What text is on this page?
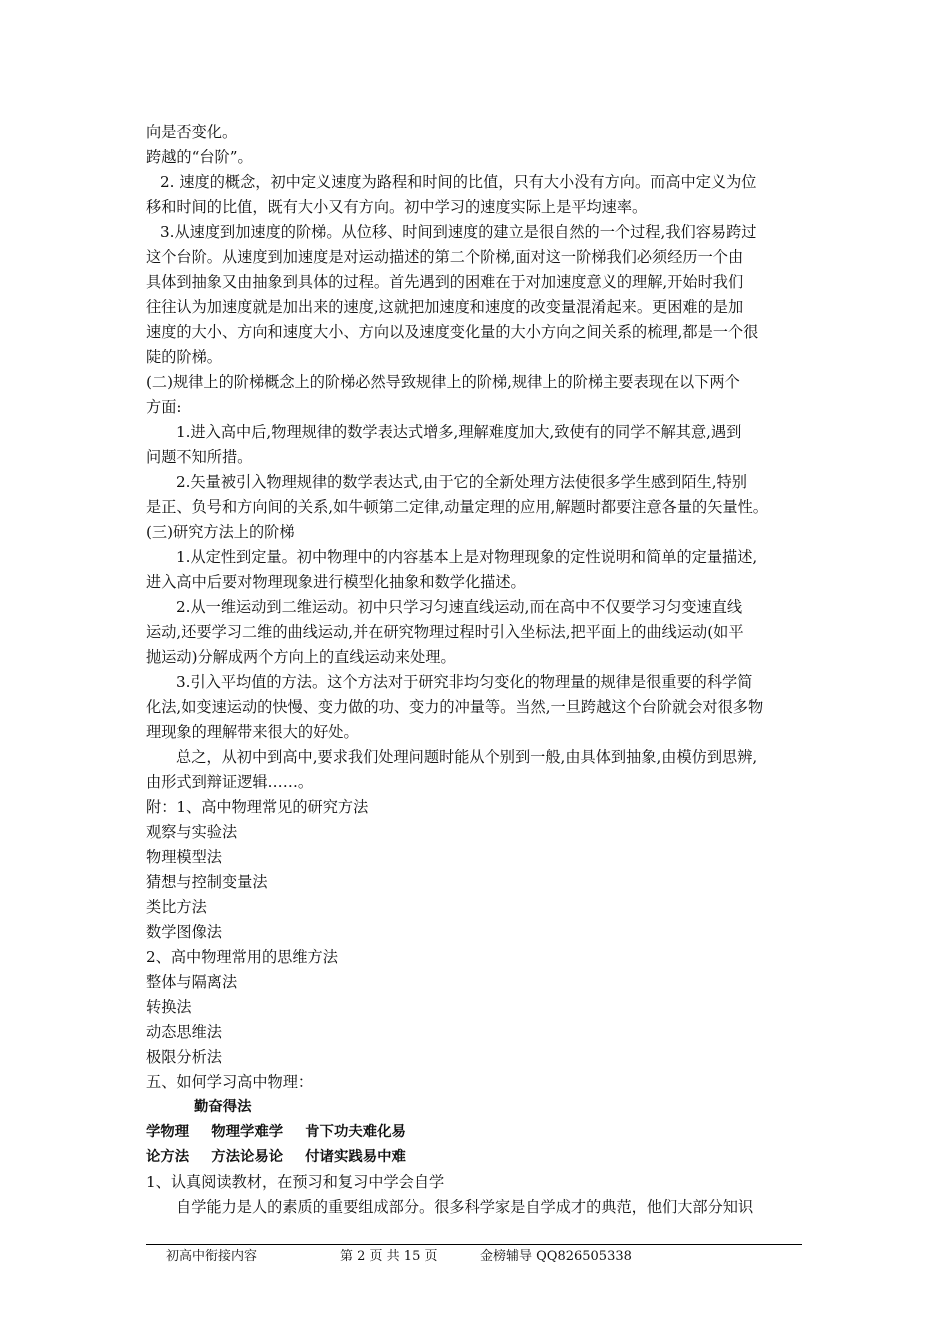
向是否变化。
跨越的“台阶”。
2. 速度的概念，初中定义速度为路程和时间的比值，只有大小没有方向。而高中定义为位
移和时间的比值，既有大小又有方向。初中学习的速度实际上是平均速率。
3.从速度到加速度的阶梯。从位移、时间到速度的建立是很自然的一个过程,我们容易跨过
这个台阶。从速度到加速度是对运动描述的第二个阶梯,面对这一阶梯我们必须经历一个由
具体到抽象又由抽象到具体的过程。首先遇到的困难在于对加速度意义的理解,开始时我们
往往认为加速度就是加出来的速度,这就把加速度和速度的改变量混淆起来。更困难的是加
速度的大小、方向和速度大小、方向以及速度变化量的大小方向之间关系的梳理,都是一个很
陡的阶梯。
(二)规律上的阶梯概念上的阶梯必然导致规律上的阶梯,规律上的阶梯主要表现在以下两个
方面:
1.进入高中后,物理规律的数学表达式增多,理解难度加大,致使有的同学不解其意,遇到
问题不知所措。
2.矢量被引入物理规律的数学表达式,由于它的全新处理方法使很多学生感到陌生,特别
是正、负号和方向间的关系,如牛顿第二定律,动量定理的应用,解题时都要注意各量的矢量性。
(三)研究方法上的阶梯
1.从定性到定量。初中物理中的内容基本上是对物理现象的定性说明和简单的定量描述,
进入高中后要对物理现象进行模型化抽象和数学化描述。
2.从一维运动到二维运动。初中只学习匀速直线运动,而在高中不仅要学习匀变速直线
运动,还要学习二维的曲线运动,并在研究物理过程时引入坐标法,把平面上的曲线运动(如平
抛运动)分解成两个方向上的直线运动来处理。
3.引入平均值的方法。这个方法对于研究非均匀变化的物理量的规律是很重要的科学简
化法,如变速运动的快慢、变力做的功、变力的冲量等。当然,一旦跨越这个台阶就会对很多物
理现象的理解带来很大的好处。
总之，从初中到高中,要求我们处理问题时能从个别到一般,由具体到抽象,由模仿到思辨,
由形式到辩证逻辑……。
附：1、高中物理常见的研究方法
观察与实验法
物理模型法
猜想与控制变量法
类比方法
数学图像法
2、高中物理常用的思维方法
整体与隔离法
转换法
动态思维法
极限分析法
五、如何学习高中物理：
勤奋得法
学物理 物理学难学 肯下功夫难化易
论方法 方法论易论 付诸实践易中难
1、认真阅读教材，在预习和复习中学会自学
自学能力是人的素质的重要组成部分。很多科学家是自学成才的典范，他们大部分知识
初高中衔接内容	第 2 页 共 15 页	金榜辅导 QQ826505338
